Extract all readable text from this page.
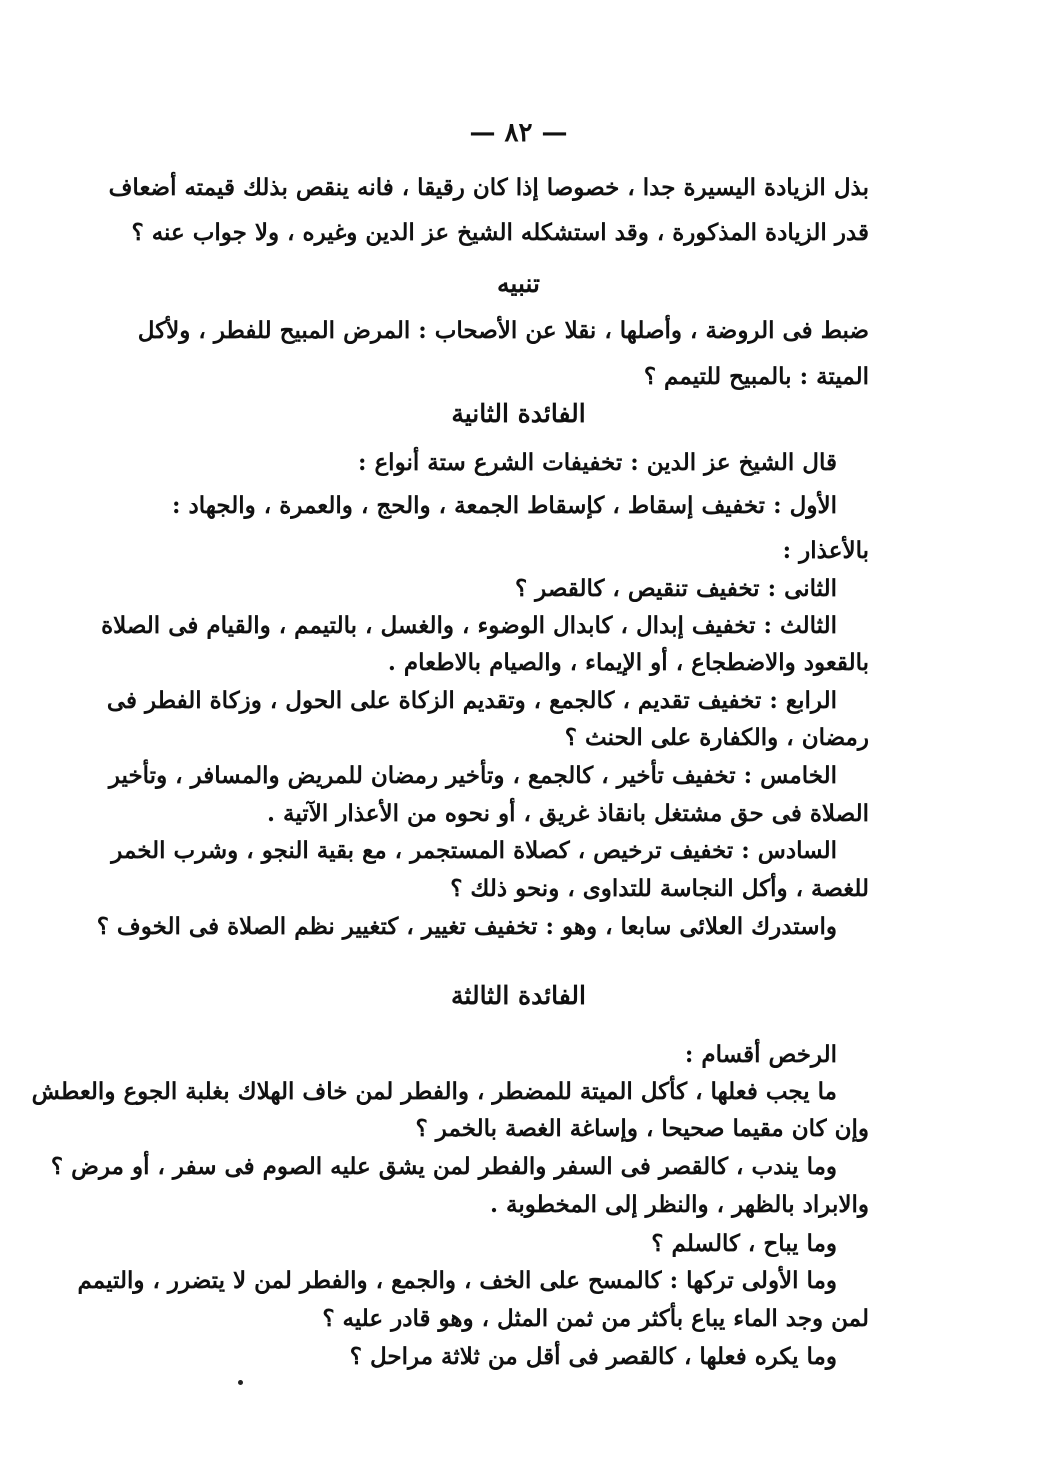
— ٨٢ —
بذل الزيادة اليسيرة جدا ، خصوصا إذا كان رقيقا ، فانه ينقص بذلك قيمته أضعاف
قدر الزيادة المذكورة ، وقد استشكله الشيخ عز الدين وغيره ، ولا جواب عنه ؟
تنبيه
ضبط فى الروضة ، وأصلها ، نقلا عن الأصحاب : المرض المبيح للفطر ، ولأكل
الميتة : بالمبيح للتيمم ؟
الفائدة الثانية
قال الشيخ عز الدين : تخفيفات الشرع ستة أنواع :
الأول : تخفيف إسقاط ، كإسقاط الجمعة ، والحج ، والعمرة ، والجهاد :
بالأعذار :
الثانى : تخفيف تنقيص ، كالقصر ؟
الثالث : تخفيف إبدال ، كابدال الوضوء ، والغسل ، بالتيمم ، والقيام فى الصلاة
بالقعود والاضطجاع ، أو الإيماء ، والصيام بالاطعام .
الرابع : تخفيف تقديم ، كالجمع ، وتقديم الزكاة على الحول ، وزكاة الفطر فى
رمضان ، والكفارة على الحنث ؟
الخامس : تخفيف تأخير ، كالجمع ، وتأخير رمضان للمريض والمسافر ، وتأخير
الصلاة فى حق مشتغل بانقاذ غريق ، أو نحوه من الأعذار الآتية .
السادس : تخفيف ترخيص ، كصلاة المستجمر ، مع بقية النجو ، وشرب الخمر
للغصة ، وأكل النجاسة للتداوى ، ونحو ذلك ؟
واستدرك العلائى سابعا ، وهو : تخفيف تغيير ، كتغيير نظم الصلاة فى الخوف ؟
الفائدة الثالثة
الرخص أقسام :
ما يجب فعلها ، كأكل الميتة للمضطر ، والفطر لمن خاف الهلاك بغلبة الجوع والعطش
وإن كان مقيما صحيحا ، وإساغة الغصة بالخمر ؟
وما يندب ، كالقصر فى السفر والفطر لمن يشق عليه الصوم فى سفر ، أو مرض ؟
والابراد بالظهر ، والنظر إلى المخطوبة .
وما يباح ، كالسلم ؟
وما الأولى تركها : كالمسح على الخف ، والجمع ، والفطر لمن لا يتضرر ، والتيمم
لمن وجد الماء يباع بأكثر من ثمن المثل ، وهو قادر عليه ؟
وما يكره فعلها ، كالقصر فى أقل من ثلاثة مراحل ؟
